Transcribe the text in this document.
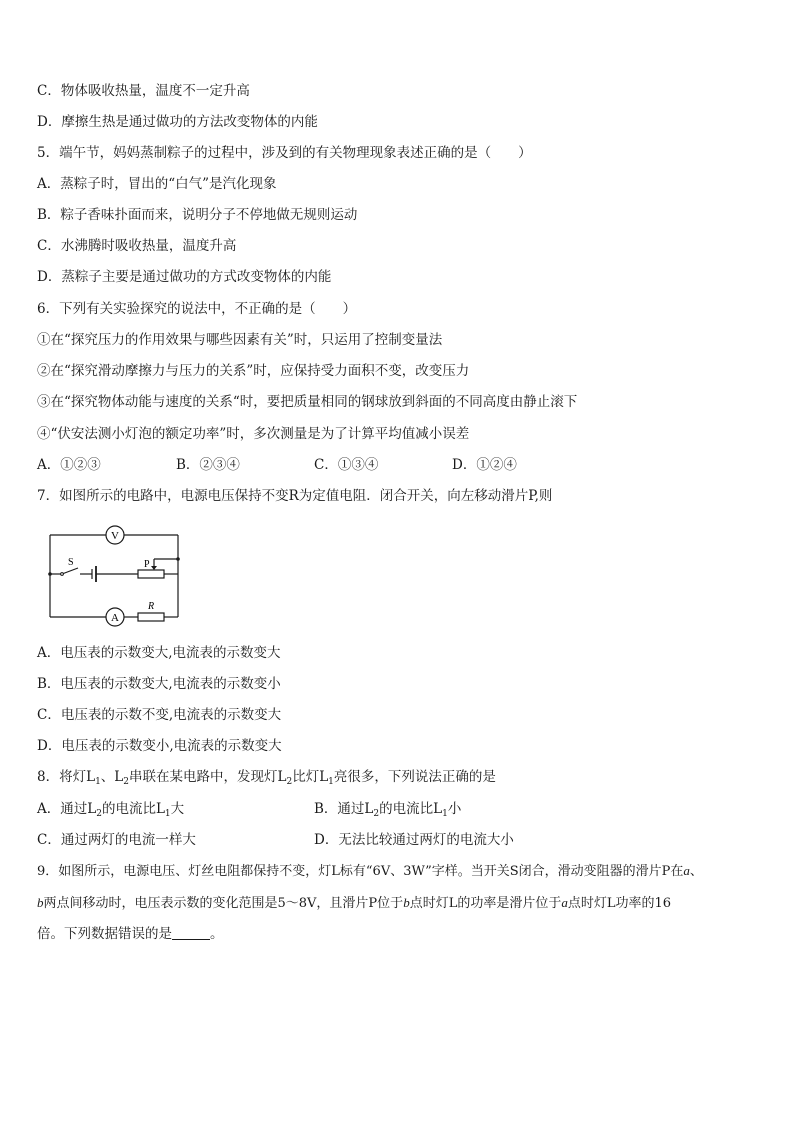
C．物体吸收热量，温度不一定升高
D．摩擦生热是通过做功的方法改变物体的内能
5．端午节，妈妈蒸制粽子的过程中，涉及到的有关物理现象表述正确的是（　　）
A．蒸粽子时，冒出的“白气”是汽化现象
B．粽子香味扑面而来，说明分子不停地做无规则运动
C．水沸腾时吸收热量，温度升高
D．蒸粽子主要是通过做功的方式改变物体的内能
6．下列有关实验探究的说法中，不正确的是（　　）
①在“探究压力的作用效果与哪些因素有关”时，只运用了控制变量法
②在“探究滑动摩擦力与压力的关系”时，应保持受力面积不变，改变压力
③在“探究物体动能与速度的关系“时，要把质量相同的钢球放到斜面的不同高度由静止滚下
④“伏安法测小灯泡的额定功率”时，多次测量是为了计算平均值减小误差
A．①②③	B．②③④	C．①③④	D．①②④
7．如图所示的电路中，电源电压保持不变R为定值电阻．闭合开关，向左移动滑片P,则
V
A
S	P
R
A．电压表的示数变大,电流表的示数变大
B．电压表的示数变大,电流表的示数变小
C．电压表的示数不变,电流表的示数变大
D．电压表的示数变小,电流表的示数变大
8．将灯$L_1$、$L_2$串联在某电路中，发现灯$L_2$比灯$L_1$亮很多，下列说法正确的是
A．通过$L_2$的电流比$L_1$大	B．通过$L_2$的电流比$L_1$小
C．通过两灯的电流一样大	D．无法比较通过两灯的电流大小
9．如图所示，电源电压、灯丝电阻都保持不变，灯L标有“6V、3W”字样。当开关S闭合，滑动变阻器的滑片P在a、
b两点间移动时，电压表示数的变化范围是5～8V，且滑片P位于b点时灯L的功率是滑片位于a点时灯L功率的16
倍。下列数据错误的是	。
